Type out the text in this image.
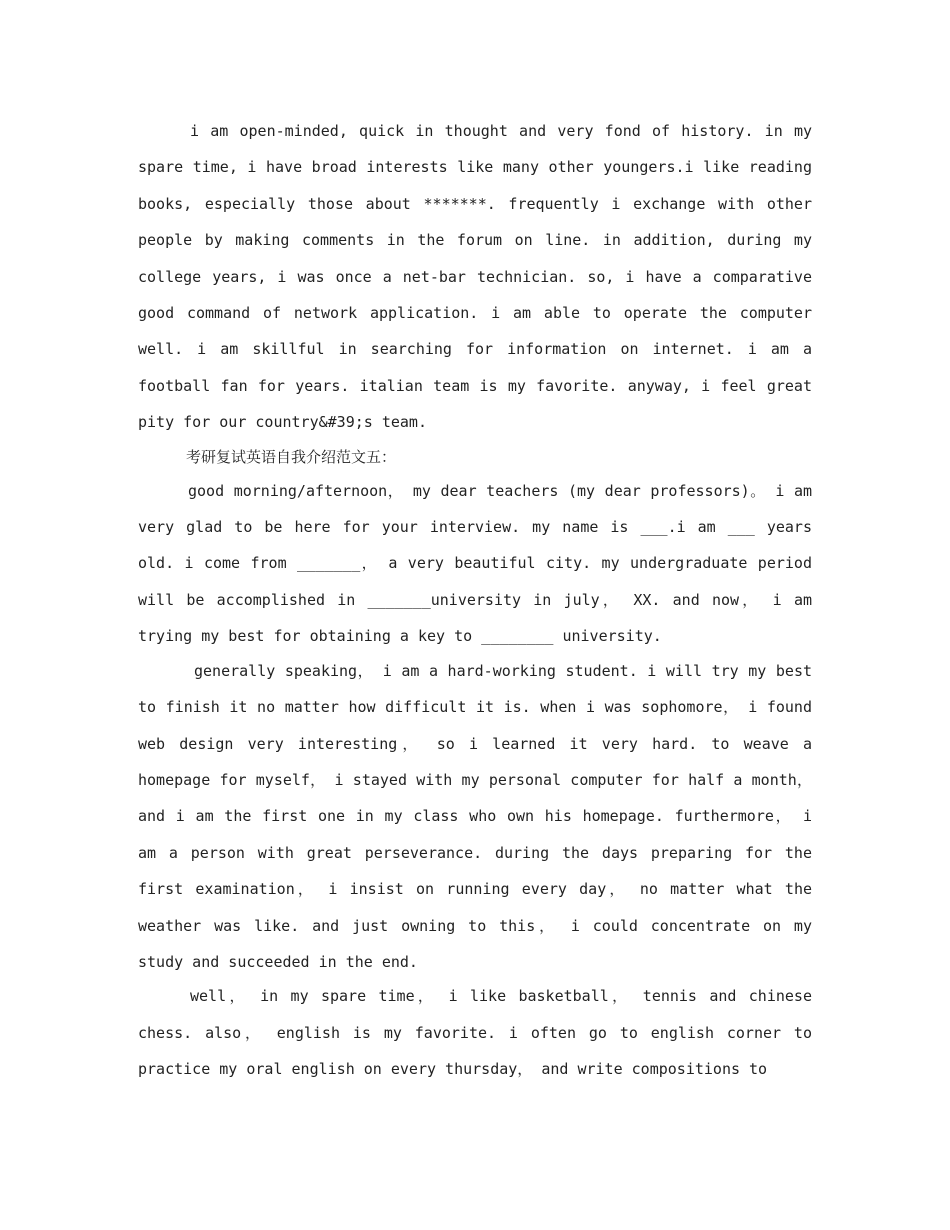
i am open-minded, quick in thought and very fond of history. in my spare time, i have broad interests like many other youngers.i like reading books, especially those about *******. frequently i exchange with other people by making comments in the forum on line. in addition, during my college years, i was once a net-bar technician. so, i have a comparative good command of network application. i am able to operate the computer well. i am skillful in searching for information on internet. i am a football fan for years. italian team is my favorite. anyway, i feel great pity for our country&#39;s team.

考研复试英语自我介绍范文五：

good morning/afternoon， my dear teachers (my dear professors)。 i am very glad to be here for your interview. my name is ___.i am ___ years old. i come from _______， a very beautiful city. my undergraduate period will be accomplished in _______university in july， XX. and now， i am trying my best for obtaining a key to ________ university.

generally speaking， i am a hard-working student. i will try my best to finish it no matter how difficult it is. when i was sophomore， i found web design very interesting， so i learned it very hard. to weave a homepage for myself， i stayed with my personal computer for half a month， and i am the first one in my class who own his homepage. furthermore， i am a person with great perseverance. during the days preparing for the first examination， i insist on running every day， no matter what the weather was like. and just owning to this， i could concentrate on my study and succeeded in the end.

well， in my spare time， i like basketball， tennis and chinese chess. also， english is my favorite. i often go to english corner to practice my oral english on every thursday， and write compositions to
